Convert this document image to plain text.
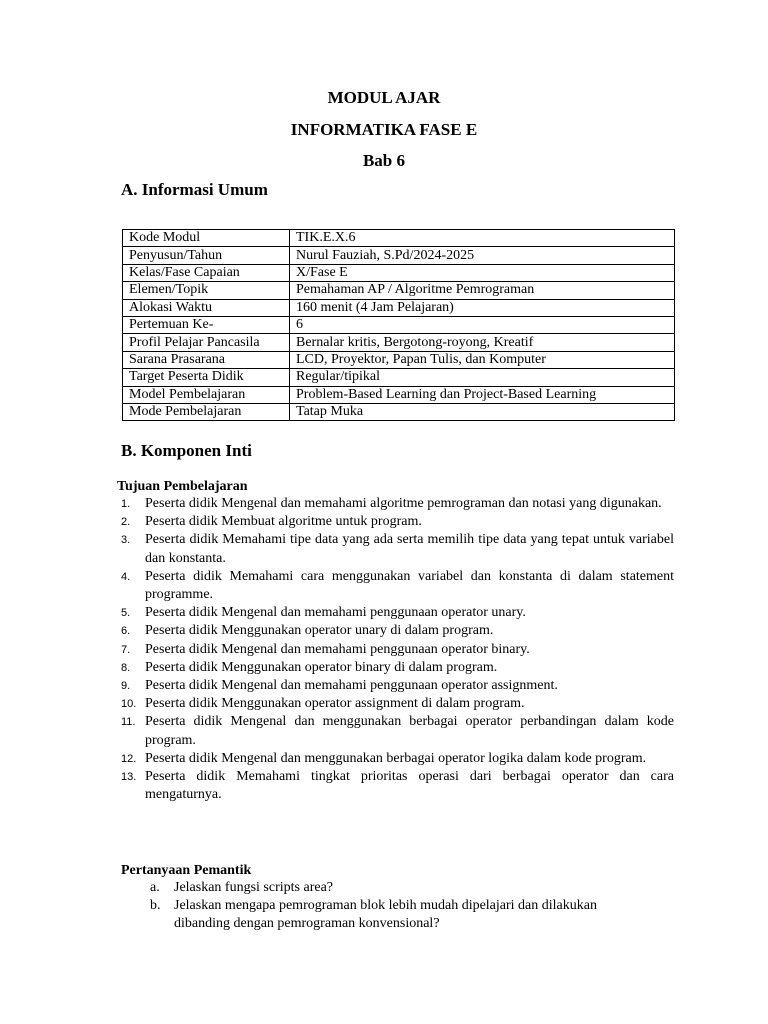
MODUL AJAR
INFORMATIKA FASE E
Bab 6
A. Informasi Umum
Kode Modul	TIK.E.X.6
Penyusun/Tahun	Nurul Fauziah, S.Pd/2024-2025
Kelas/Fase Capaian	X/Fase E
Elemen/Topik	Pemahaman AP / Algoritme Pemrograman
Alokasi Waktu	160 menit (4 Jam Pelajaran)
Pertemuan Ke-	6
Profil Pelajar Pancasila	Bernalar kritis, Bergotong-royong, Kreatif
Sarana Prasarana	LCD, Proyektor, Papan Tulis, dan Komputer
Target Peserta Didik	Regular/tipikal
Model Pembelajaran	Problem-Based Learning dan Project-Based Learning
Mode Pembelajaran	Tatap Muka
B. Komponen Inti
Tujuan Pembelajaran
1.	Peserta didik Mengenal dan memahami algoritme pemrograman dan notasi yang digunakan.
2.	Peserta didik Membuat algoritme untuk program.
3.	Peserta didik Memahami tipe data yang ada serta memilih tipe data yang tepat untuk variabel dan konstanta.
4.	Peserta didik Memahami cara menggunakan variabel dan konstanta di dalam statement programme.
5.	Peserta didik Mengenal dan memahami penggunaan operator unary.
6.	Peserta didik Menggunakan operator unary di dalam program.
7.	Peserta didik Mengenal dan memahami penggunaan operator binary.
8.	Peserta didik Menggunakan operator binary di dalam program.
9.	Peserta didik Mengenal dan memahami penggunaan operator assignment.
10. Peserta didik Menggunakan operator assignment di dalam program.
11. Peserta didik Mengenal dan menggunakan berbagai operator perbandingan dalam kode program.
12. Peserta didik Mengenal dan menggunakan berbagai operator logika dalam kode program.
13. Peserta didik Memahami tingkat prioritas operasi dari berbagai operator dan cara mengaturnya.
Pertanyaan Pemantik
a. Jelaskan fungsi scripts area?
b. Jelaskan mengapa pemrograman blok lebih mudah dipelajari dan dilakukan dibanding dengan pemrograman konvensional?
